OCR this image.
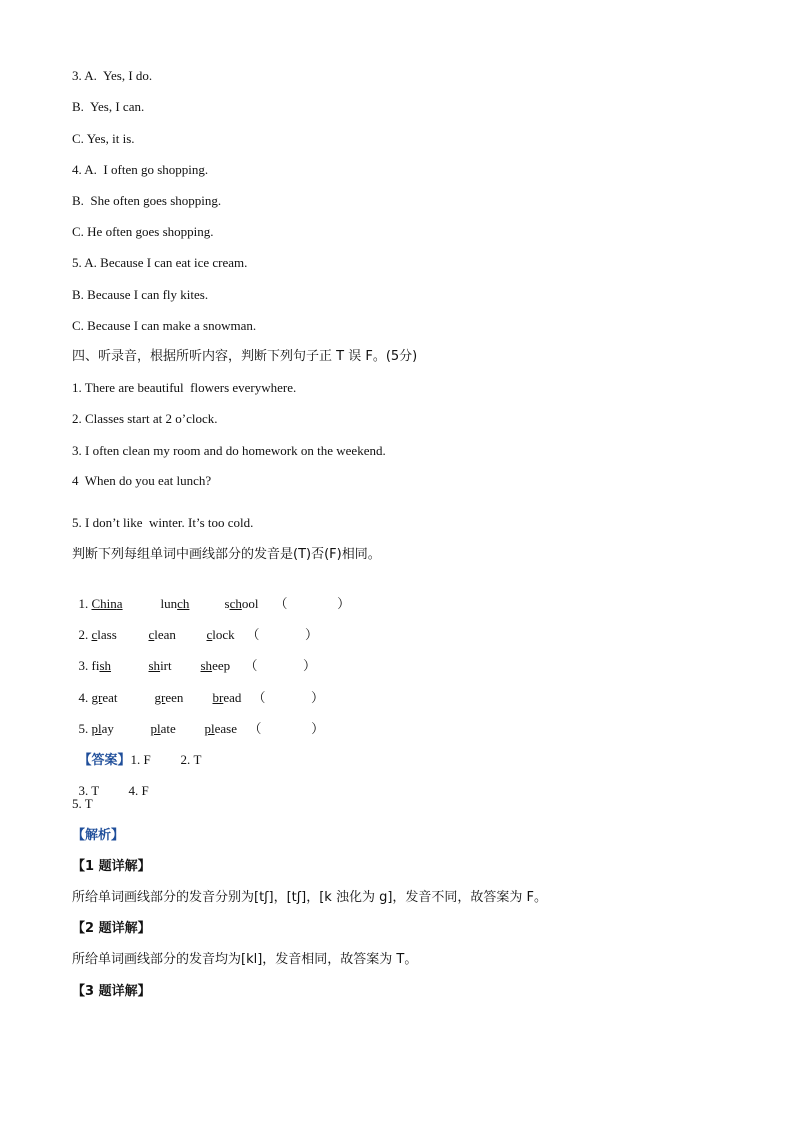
3. A.  Yes, I do.
B.  Yes, I can.
C. Yes, it is.
4. A.  I often go shopping.
B.  She often goes shopping.
C. He often goes shopping.
5. A. Because I can eat ice cream.
B. Because I can fly kites.
C. Because I can make a snowman.
四、听录音，根据所听内容，判断下列句子正 T 误 F。(5分)
1. There are beautiful  flowers everywhere.
2. Classes start at 2 o’clock.
3. I often clean my room and do homework on the weekend.
4  When do you eat lunch?
5. I don’t like  winter. It’s too cold.
判断下列每组单词中画线部分的发音是(T)否(F)相同。

1. China	lunch	school （            ）

2. class clean clock （           ）

3. fish	shirt sheep （           ）

4. great	green bread （           ）

5. play	plate please （            ）

【答案】1. F 2. T

3. T 4. F

5. T
【解析】
【1 题详解】
所给单词画线部分的发音分别为[tʃ]，[tʃ]，[k 浊化为 g]，发音不同，故答案为 F。
【2 题详解】
所给单词画线部分的发音均为[kl]，发音相同，故答案为 T。
【3 题详解】
